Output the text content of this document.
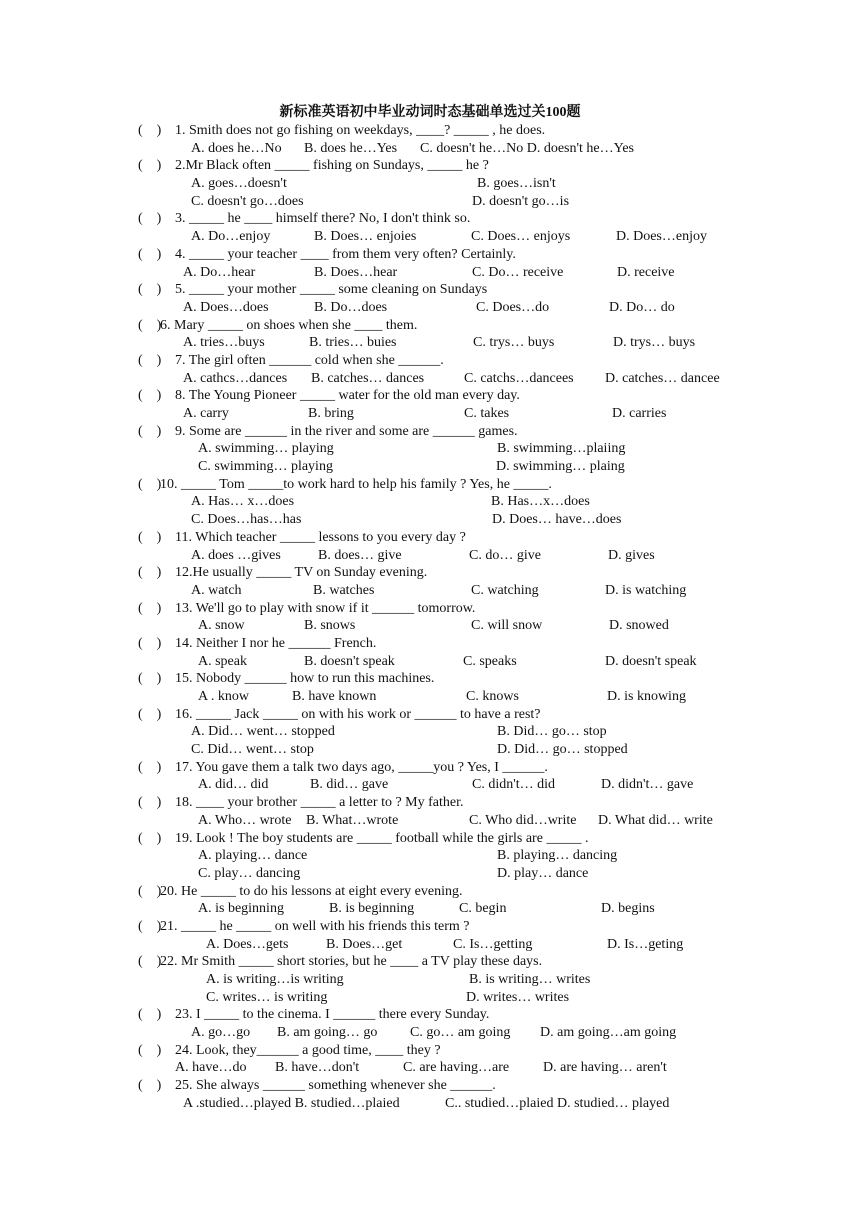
新标准英语初中毕业动词时态基础单选过关100题
(　) 1. Smith does not go fishing on weekdays, ____? _____ , he does.
A. does he…No B. does he…Yes C. doesn't he…No D. doesn't he…Yes
(　) 2.Mr Black often _____ fishing on Sundays, _____ he ?
A. goes…doesn't	B. goes…isn't
C. doesn't go…does	D. doesn't go…is
(　) 3. _____ he ____ himself there? No, I don't think so.
A. Do…enjoy	B. Does… enjoies	C. Does… enjoys	D. Does…enjoy
(　) 4. _____ your teacher ____ from them very often? Certainly.
A. Do…hear	B. Does…hear	C. Do… receive	D. receive
(　) 5. _____ your mother _____ some cleaning on Sundays
A. Does…does	B. Do…does	C. Does…do	D. Do… do
(　)
6. Mary _____ on shoes when she ____ them.
A. tries…buys	B. tries… buies	C. trys… buys	D. trys… buys
(　) 7. The girl often ______ cold when she ______.
A. cathcs…dances B. catches… dances	C. catchs…dancees D. catches… dancee
(　) 8. The Young Pioneer _____ water for the old man every day.
A. carry	B. bring	C. takes	D. carries
(　) 9. Some are ______ in the river and some are ______ games.
A. swimming… playing	B. swimming…plaiing
C. swimming… playing	D. swimming… plaing
(　)
10. _____ Tom _____to work hard to help his family ? Yes, he _____.
A. Has… x…does	B. Has…x…does
C. Does…has…has	D. Does… have…does
(　) 11. Which teacher _____ lessons to you every day ?
A. does …gives	B. does… give	C. do… give	D. gives
(　) 12.He usually _____ TV on Sunday evening.
A. watch	B. watches	C. watching	D. is watching
(　) 13. We'll go to play with snow if it ______ tomorrow.
A. snow	B. snows	C. will snow	D. snowed
(　) 14. Neither I nor he ______ French.
A. speak	B. doesn't speak	C. speaks	D. doesn't speak
(　) 15. Nobody ______ how to run this machines.
A . know	B. have known	C. knows	D. is knowing
(　) 16. _____ Jack _____ on with his work or ______ to have a rest?
A. Did… went… stopped	B. Did… go… stop
C. Did… went… stop	D. Did… go… stopped
(　) 17. You gave them a talk two days ago, _____you ? Yes, I ______.
A. did… did	B. did… gave	C. didn't… did	D. didn't… gave
(　) 18. ____ your brother _____ a letter to ? My father.
A. Who… wrote B. What…wrote	C. Who did…write D. What did… write
(　) 19. Look ! The boy students are _____ football while the girls are _____ .
A. playing… dance	B. playing… dancing
C. play… dancing	D. play… dance
(　)
20. He _____ to do his lessons at eight every evening.
A. is beginning	B. is beginning	C. begin	D. begins
(　)
21. _____ he _____ on well with his friends this term ?
A. Does…gets	B. Does…get	C. Is…getting	D. Is…geting
(　)
22. Mr Smith _____ short stories, but he ____ a TV play these days.
A. is writing…is writing	B. is writing… writes
C. writes… is writing	D. writes… writes
(　) 23. I _____ to the cinema. I ______ there every Sunday.
A. go…go B. am going… go C. go… am going D. am going…am going
(　) 24. Look, they______ a good time, ____ they ?
A. have…do B. have…don't	C. are having…are D. are having… aren't
(　) 25. She always ______ something whenever she ______.
A .studied…played B. studied…plaied	C.. studied…plaied D. studied… played
